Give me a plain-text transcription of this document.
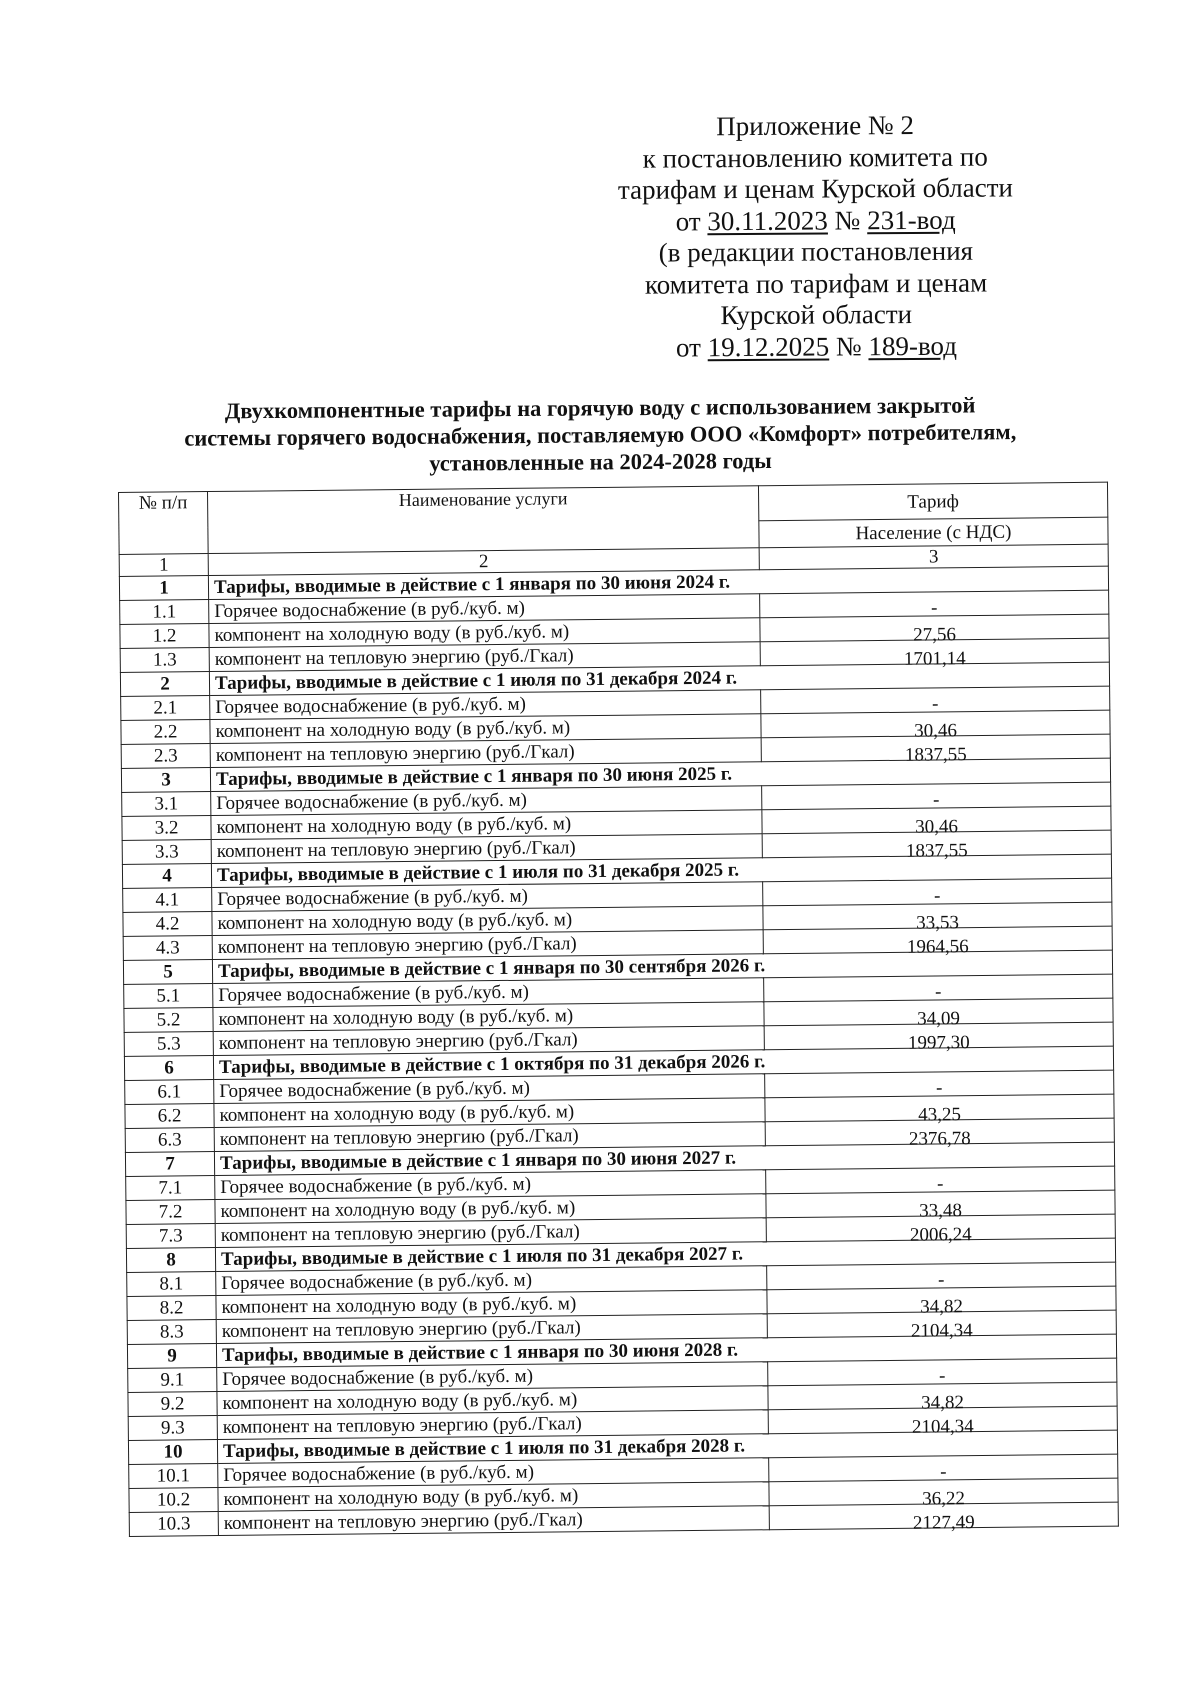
Приложение № 2
к постановлению комитета по
тарифам и ценам Курской области
от 30.11.2023 № 231-вод
(в редакции постановления
комитета по тарифам и ценам
Курской области
от 19.12.2025 № 189-вод
Двухкомпонентные тарифы на горячую воду с использованием закрытой
системы горячего водоснабжения, поставляемую ООО «Комфорт» потребителям,
установленные на 2024-2028 годы
№ п/п	Наименование услуги	Тариф
		Население (с НДС)
1	2	3
1	Тарифы, вводимые в действие с 1 января по 30 июня 2024 г.	
1.1	Горячее водоснабжение (в руб./куб. м)	-
1.2	компонент на холодную воду (в руб./куб. м)	27,56
1.3	компонент на тепловую энергию (руб./Гкал)	1701,14
2	Тарифы, вводимые в действие с 1 июля по 31 декабря 2024 г.	
2.1	Горячее водоснабжение (в руб./куб. м)	-
2.2	компонент на холодную воду (в руб./куб. м)	30,46
2.3	компонент на тепловую энергию (руб./Гкал)	1837,55
3	Тарифы, вводимые в действие с 1 января по 30 июня 2025 г.	
3.1	Горячее водоснабжение (в руб./куб. м)	-
3.2	компонент на холодную воду (в руб./куб. м)	30,46
3.3	компонент на тепловую энергию (руб./Гкал)	1837,55
4	Тарифы, вводимые в действие с 1 июля по 31 декабря 2025 г.	
4.1	Горячее водоснабжение (в руб./куб. м)	-
4.2	компонент на холодную воду (в руб./куб. м)	33,53
4.3	компонент на тепловую энергию (руб./Гкал)	1964,56
5	Тарифы, вводимые в действие с 1 января по 30 сентября 2026 г.	
5.1	Горячее водоснабжение (в руб./куб. м)	-
5.2	компонент на холодную воду (в руб./куб. м)	34,09
5.3	компонент на тепловую энергию (руб./Гкал)	1997,30
6	Тарифы, вводимые в действие с 1 октября по 31 декабря 2026 г.	
6.1	Горячее водоснабжение (в руб./куб. м)	-
6.2	компонент на холодную воду (в руб./куб. м)	43,25
6.3	компонент на тепловую энергию (руб./Гкал)	2376,78
7	Тарифы, вводимые в действие с 1 января по 30 июня 2027 г.	
7.1	Горячее водоснабжение (в руб./куб. м)	-
7.2	компонент на холодную воду (в руб./куб. м)	33,48
7.3	компонент на тепловую энергию (руб./Гкал)	2006,24
8	Тарифы, вводимые в действие с 1 июля по 31 декабря 2027 г.	
8.1	Горячее водоснабжение (в руб./куб. м)	-
8.2	компонент на холодную воду (в руб./куб. м)	34,82
8.3	компонент на тепловую энергию (руб./Гкал)	2104,34
9	Тарифы, вводимые в действие с 1 января по 30 июня 2028 г.	
9.1	Горячее водоснабжение (в руб./куб. м)	-
9.2	компонент на холодную воду (в руб./куб. м)	34,82
9.3	компонент на тепловую энергию (руб./Гкал)	2104,34
10	Тарифы, вводимые в действие с 1 июля по 31 декабря 2028 г.	
10.1	Горячее водоснабжение (в руб./куб. м)	-
10.2	компонент на холодную воду (в руб./куб. м)	36,22
10.3	компонент на тепловую энергию (руб./Гкал)	2127,49
